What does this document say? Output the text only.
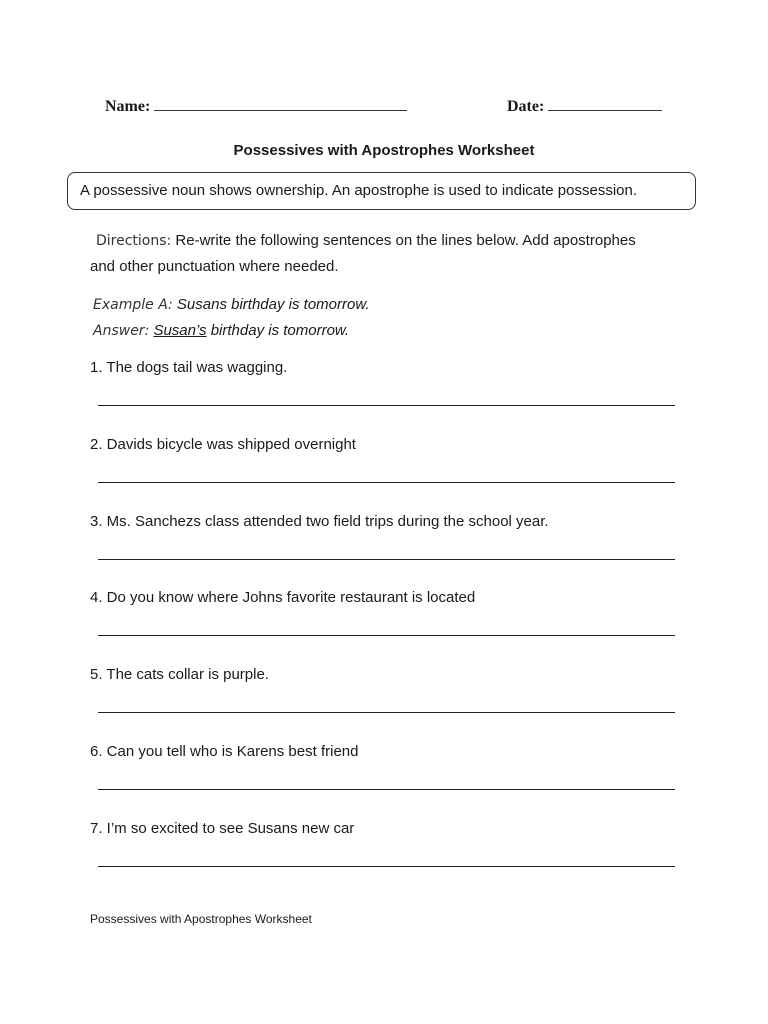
Name:	Date:
Possessives with Apostrophes Worksheet
A possessive noun shows ownership. An apostrophe is used to indicate possession.
Directions: Re-write the following sentences on the lines below. Add apostrophes and other punctuation where needed.
Example A: Susans birthday is tomorrow.
Answer: Susan’s birthday is tomorrow.
1. The dogs tail was wagging.
2. Davids bicycle was shipped overnight
3. Ms. Sanchezs class attended two field trips during the school year.
4. Do you know where Johns favorite restaurant is located
5. The cats collar is purple.
6. Can you tell who is Karens best friend
7. I’m so excited to see Susans new car
Possessives with Apostrophes Worksheet
